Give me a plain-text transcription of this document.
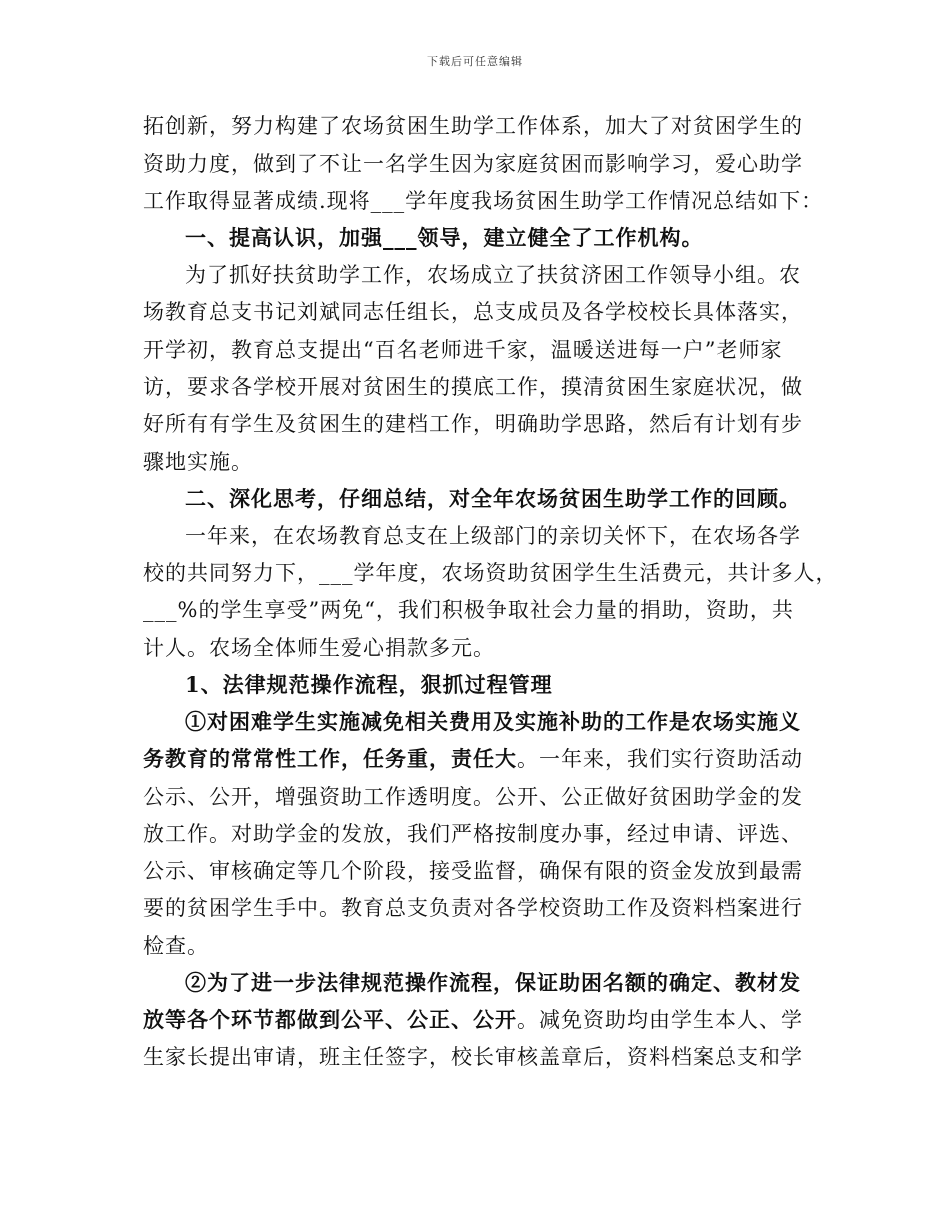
下载后可任意编辑
拓创新，努力构建了农场贫困生助学工作体系，加大了对贫困学生的
资助力度，做到了不让一名学生因为家庭贫困而影响学习，爱心助学
工作取得显著成绩.现将___学年度我场贫困生助学工作情况总结如下：
一、提高认识，加强___领导，建立健全了工作机构。
为了抓好扶贫助学工作，农场成立了扶贫济困工作领导小组。农
场教育总支书记刘斌同志任组长，总支成员及各学校校长具体落实，
开学初，教育总支提出“百名老师进千家，温暖送进每一户”老师家
访，要求各学校开展对贫困生的摸底工作，摸清贫困生家庭状况，做
好所有有学生及贫困生的建档工作，明确助学思路，然后有计划有步
骤地实施。
二、深化思考，仔细总结，对全年农场贫困生助学工作的回顾。
一年来，在农场教育总支在上级部门的亲切关怀下，在农场各学
校的共同努力下，___学年度，农场资助贫困学生生活费元，共计多人，
___%的学生享受”两免“，我们积极争取社会力量的捐助，资助，共
计人。农场全体师生爱心捐款多元。
1、法律规范操作流程，狠抓过程管理
①对困难学生实施减免相关费用及实施补助的工作是农场实施义
务教育的常常性工作，任务重，责任大。一年来，我们实行资助活动
公示、公开，增强资助工作透明度。公开、公正做好贫困助学金的发
放工作。对助学金的发放，我们严格按制度办事，经过申请、评选、
公示、审核确定等几个阶段，接受监督，确保有限的资金发放到最需
要的贫困学生手中。教育总支负责对各学校资助工作及资料档案进行
检查。
②为了进一步法律规范操作流程，保证助困名额的确定、教材发
放等各个环节都做到公平、公正、公开。减免资助均由学生本人、学
生家长提出审请，班主任签字，校长审核盖章后，资料档案总支和学
